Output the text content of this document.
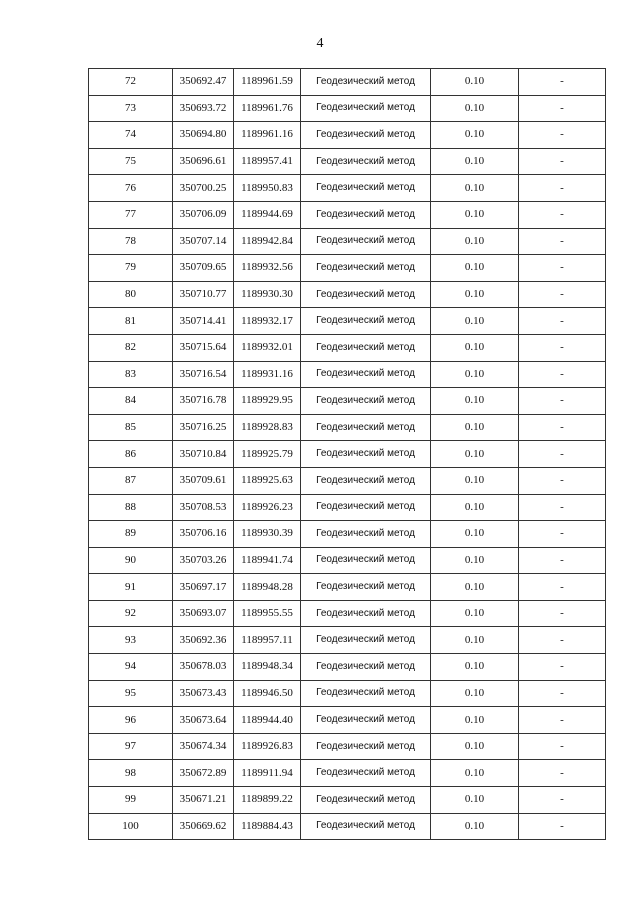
4
72	350692.47	1189961.59	Геодезический метод	0.10	-
73	350693.72	1189961.76	Геодезический метод	0.10	-
74	350694.80	1189961.16	Геодезический метод	0.10	-
75	350696.61	1189957.41	Геодезический метод	0.10	-
76	350700.25	1189950.83	Геодезический метод	0.10	-
77	350706.09	1189944.69	Геодезический метод	0.10	-
78	350707.14	1189942.84	Геодезический метод	0.10	-
79	350709.65	1189932.56	Геодезический метод	0.10	-
80	350710.77	1189930.30	Геодезический метод	0.10	-
81	350714.41	1189932.17	Геодезический метод	0.10	-
82	350715.64	1189932.01	Геодезический метод	0.10	-
83	350716.54	1189931.16	Геодезический метод	0.10	-
84	350716.78	1189929.95	Геодезический метод	0.10	-
85	350716.25	1189928.83	Геодезический метод	0.10	-
86	350710.84	1189925.79	Геодезический метод	0.10	-
87	350709.61	1189925.63	Геодезический метод	0.10	-
88	350708.53	1189926.23	Геодезический метод	0.10	-
89	350706.16	1189930.39	Геодезический метод	0.10	-
90	350703.26	1189941.74	Геодезический метод	0.10	-
91	350697.17	1189948.28	Геодезический метод	0.10	-
92	350693.07	1189955.55	Геодезический метод	0.10	-
93	350692.36	1189957.11	Геодезический метод	0.10	-
94	350678.03	1189948.34	Геодезический метод	0.10	-
95	350673.43	1189946.50	Геодезический метод	0.10	-
96	350673.64	1189944.40	Геодезический метод	0.10	-
97	350674.34	1189926.83	Геодезический метод	0.10	-
98	350672.89	1189911.94	Геодезический метод	0.10	-
99	350671.21	1189899.22	Геодезический метод	0.10	-
100	350669.62	1189884.43	Геодезический метод	0.10	-
